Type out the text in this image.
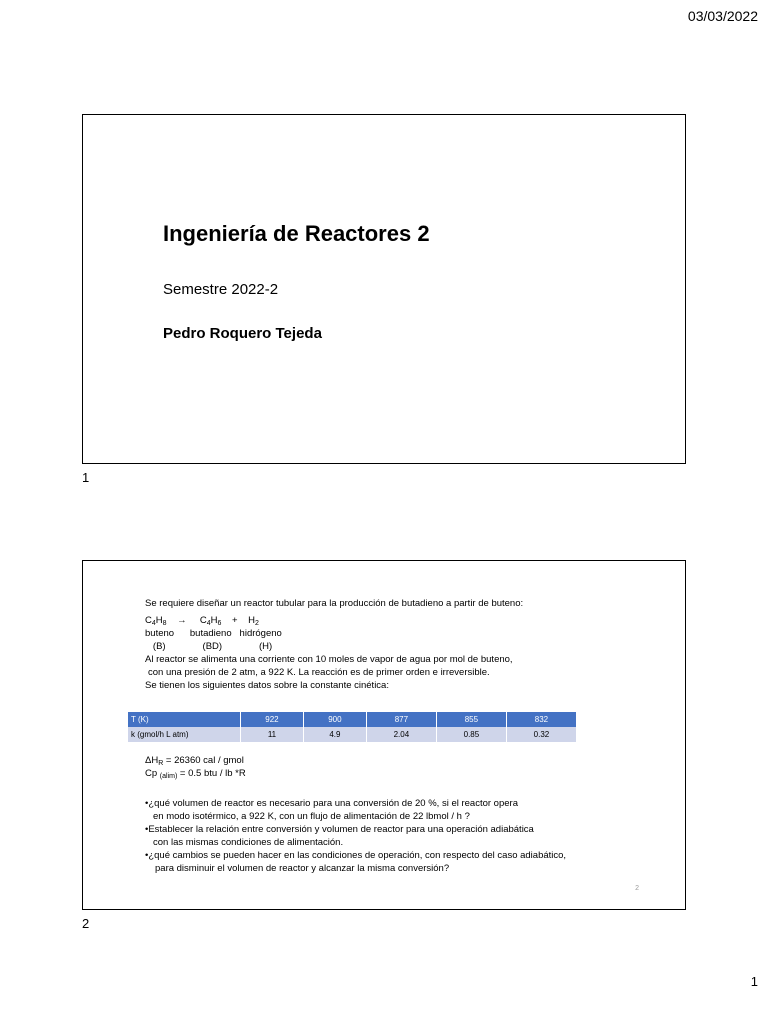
03/03/2022
Ingeniería de Reactores 2
Semestre 2022-2
Pedro Roquero Tejeda
1

Se requiere diseñar un reactor tubular para la producción de butadieno a partir de buteno:

$C_4H_8 \to C_4H_6 + H_2$

buteno      butadieno   hidrógeno

(B)              (BD)              (H)

Al reactor se alimenta una corriente con 10 moles de vapor de agua por mol de buteno,

con una presión de 2 atm, a 922 K. La reacción es de primer orden e irreversible.

Se tienen los siguientes datos sobre la constante cinética:

T (K)	922	900	877	855	832
k (gmol/h L atm)	11	4.9	2.04	0.85	0.32
$\Delta H_R = 26360$ cal / gmol
Cp $_{(alim)}$ = 0.5 btu / lb *R

•¿qué volumen de reactor es necesario para una conversión de 20 %, si el reactor opera

en modo isotérmico, a 922 K, con un flujo de alimentación de 22 lbmol / h ?

•Establecer la relación entre conversión y volumen de reactor para una operación adiabática

con las mismas condiciones de alimentación.

•¿qué cambios se pueden hacer en las condiciones de operación, con respecto del caso adiabático,

para disminuir el volumen de reactor y alcanzar la misma conversión?

2
2
1
